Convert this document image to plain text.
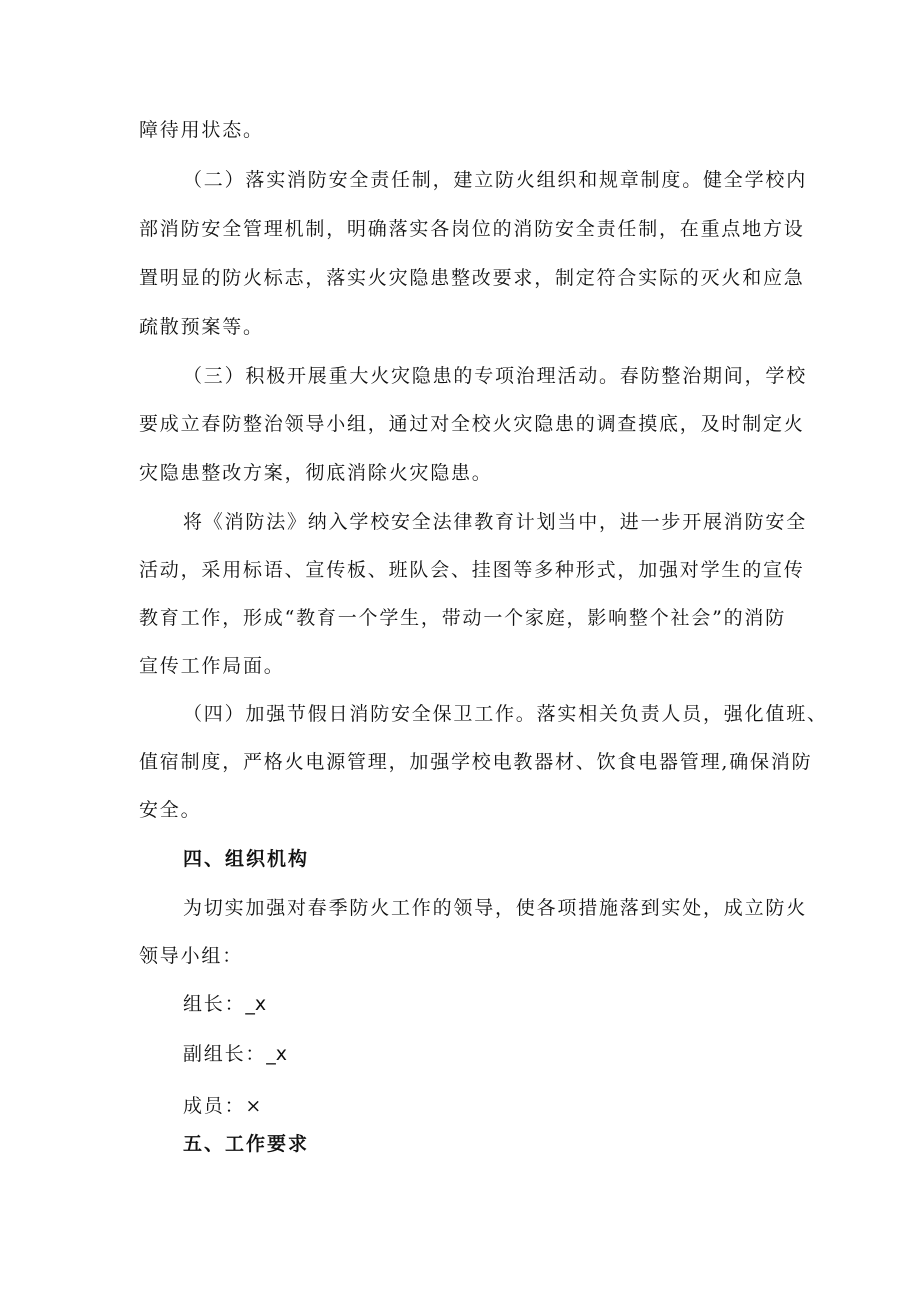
障待用状态。
（二）落实消防安全责任制，建立防火组织和规章制度。健全学校内
部消防安全管理机制，明确落实各岗位的消防安全责任制，在重点地方设
置明显的防火标志，落实火灾隐患整改要求，制定符合实际的灭火和应急
疏散预案等。
（三）积极开展重大火灾隐患的专项治理活动。春防整治期间，学校
要成立春防整治领导小组，通过对全校火灾隐患的调查摸底，及时制定火
灾隐患整改方案，彻底消除火灾隐患。
将《消防法》纳入学校安全法律教育计划当中，进一步开展消防安全
活动，采用标语、宣传板、班队会、挂图等多种形式，加强对学生的宣传
教育工作，形成“教育一个学生，带动一个家庭，影响整个社会”的消防
宣传工作局面。
（四）加强节假日消防安全保卫工作。落实相关负责人员，强化值班、
值宿制度，严格火电源管理，加强学校电教器材、饮食电器管理,确保消防
安全。
四、组织机构
为切实加强对春季防火工作的领导，使各项措施落到实处，成立防火
领导小组：
组长：_x
副组长：_x
成员：×
五、工作要求
